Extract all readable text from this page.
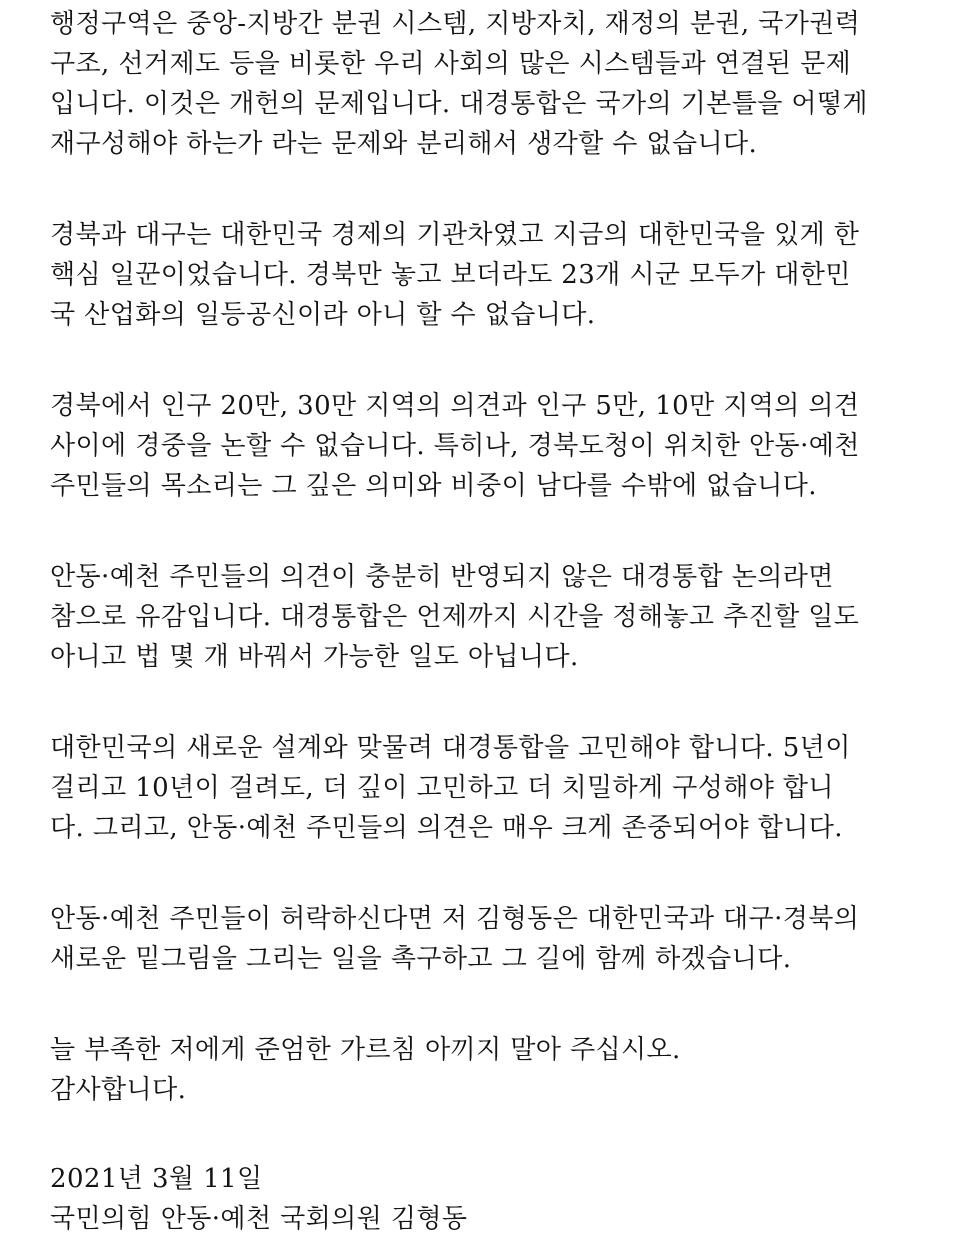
행정구역은 중앙-지방간 분권 시스템, 지방자치, 재정의 분권, 국가권력
구조, 선거제도 등을 비롯한 우리 사회의 많은 시스템들과 연결된 문제
입니다. 이것은 개헌의 문제입니다. 대경통합은 국가의 기본틀을 어떻게
재구성해야 하는가 라는 문제와 분리해서 생각할 수 없습니다.
경북과 대구는 대한민국 경제의 기관차였고 지금의 대한민국을 있게 한
핵심 일꾼이었습니다. 경북만 놓고 보더라도 23개 시군 모두가 대한민
국 산업화의 일등공신이라 아니 할 수 없습니다.
경북에서 인구 20만, 30만 지역의 의견과 인구 5만, 10만 지역의 의견
사이에 경중을 논할 수 없습니다. 특히나, 경북도청이 위치한 안동·예천
주민들의 목소리는 그 깊은 의미와 비중이 남다를 수밖에 없습니다.
안동·예천 주민들의 의견이 충분히 반영되지 않은 대경통합 논의라면
참으로 유감입니다. 대경통합은 언제까지 시간을 정해놓고 추진할 일도
아니고 법 몇 개 바꿔서 가능한 일도 아닙니다.
대한민국의 새로운 설계와 맞물려 대경통합을 고민해야 합니다. 5년이
걸리고 10년이 걸려도, 더 깊이 고민하고 더 치밀하게 구성해야 합니
다. 그리고, 안동·예천 주민들의 의견은 매우 크게 존중되어야 합니다.
안동·예천 주민들이 허락하신다면 저 김형동은 대한민국과 대구·경북의
새로운 밑그림을 그리는 일을 촉구하고 그 길에 함께 하겠습니다.
늘 부족한 저에게 준엄한 가르침 아끼지 말아 주십시오.
감사합니다.
2021년 3월 11일
국민의힘 안동·예천 국회의원 김형동
